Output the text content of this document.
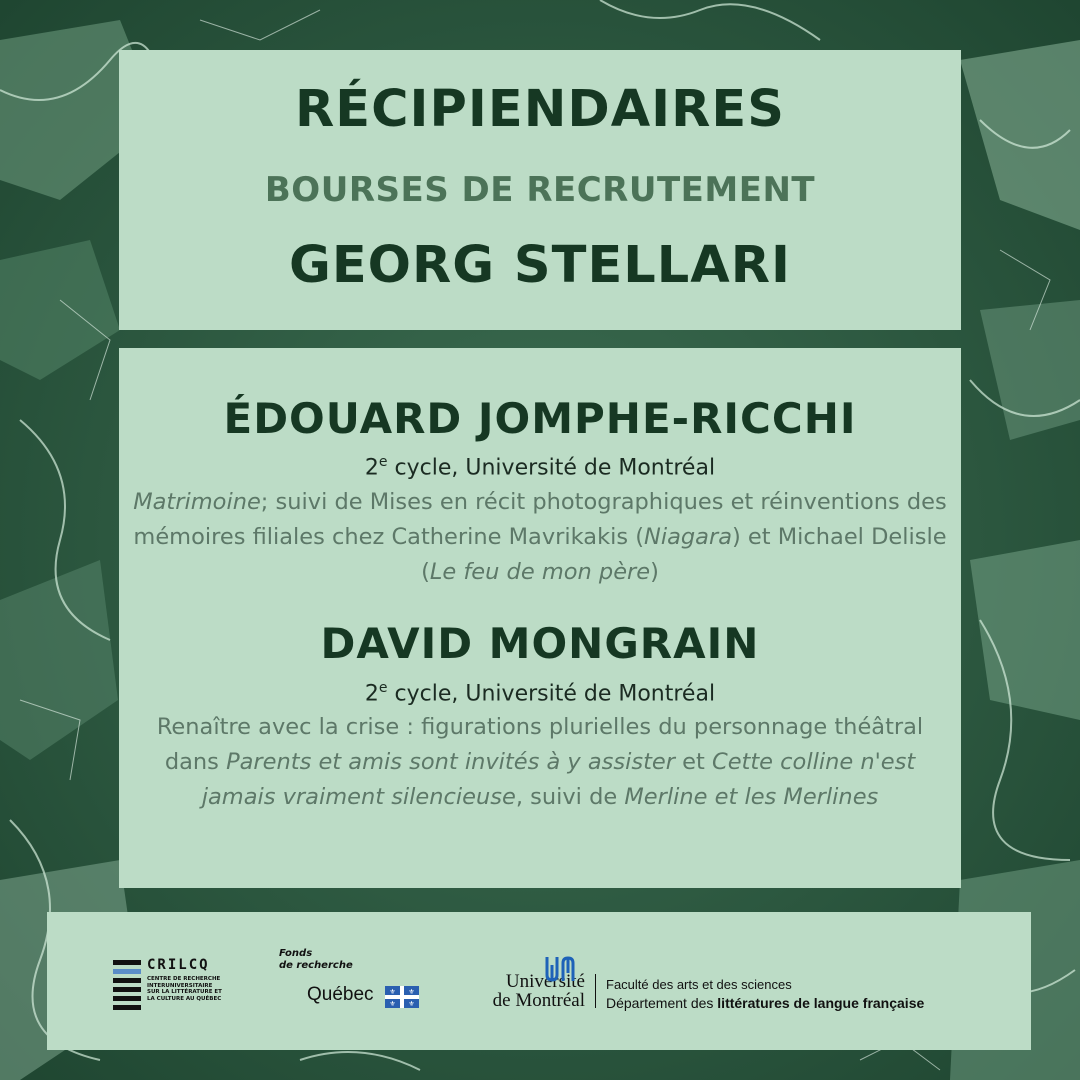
RÉCIPIENDAIRES
BOURSES DE RECRUTEMENT
GEORG STELLARI
ÉDOUARD JOMPHE-RICCHI
2e cycle, Université de Montréal
Matrimoine; suivi de Mises en récit photographiques et réinventions des mémoires filiales chez Catherine Mavrikakis (Niagara) et Michael Delisle (Le feu de mon père)
DAVID MONGRAIN
2e cycle, Université de Montréal
Renaître avec la crise : figurations plurielles du personnage théâtral dans Parents et amis sont invités à y assister et Cette colline n'est jamais vraiment silencieuse, suivi de Merline et les Merlines
CRILCQ
CENTRE DE RECHERCHE
INTERUNIVERSITAIRE
SUR LA LITTÉRATURE ET
LA CULTURE AU QUÉBEC
Fonds
de recherche
Québec ⚜ ⚜
⚜ ⚜
Université
de Montréal
Faculté des arts et des sciences
Département des littératures de langue française
